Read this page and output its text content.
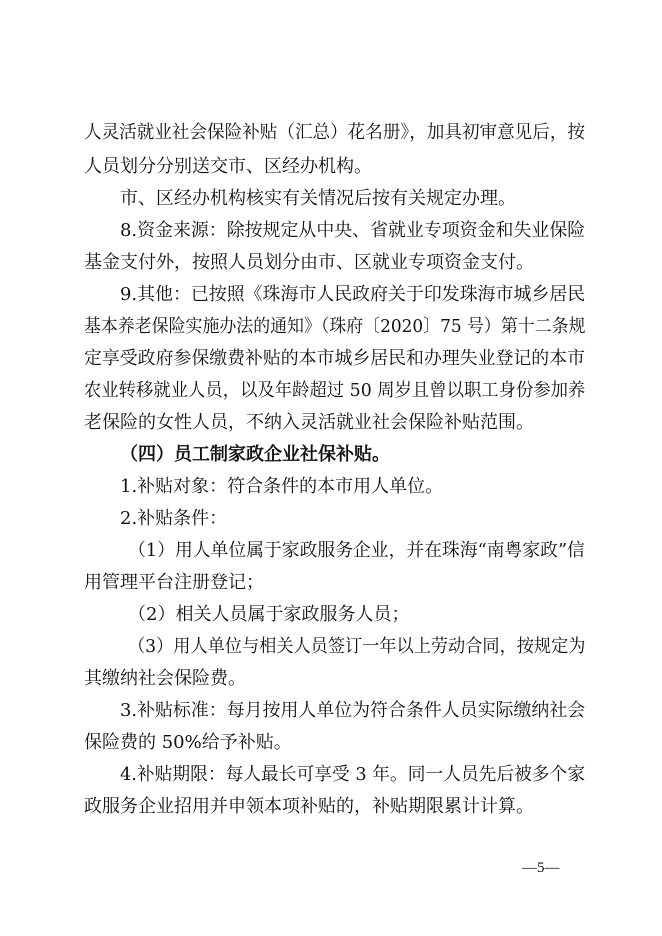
人灵活就业社会保险补贴（汇总）花名册》，加具初审意见后，按
人员划分分别送交市、区经办机构。
市、区经办机构核实有关情况后按有关规定办理。
8.资金来源：除按规定从中央、省就业专项资金和失业保险
基金支付外，按照人员划分由市、区就业专项资金支付。
9.其他：已按照《珠海市人民政府关于印发珠海市城乡居民
基本养老保险实施办法的通知》（珠府〔2020〕75 号）第十二条规
定享受政府参保缴费补贴的本市城乡居民和办理失业登记的本市
农业转移就业人员，以及年龄超过 50 周岁且曾以职工身份参加养
老保险的女性人员，不纳入灵活就业社会保险补贴范围。
（四）员工制家政企业社保补贴。
1.补贴对象：符合条件的本市用人单位。
2.补贴条件：
（1）用人单位属于家政服务企业，并在珠海“南粤家政”信
用管理平台注册登记；
（2）相关人员属于家政服务人员；
（3）用人单位与相关人员签订一年以上劳动合同，按规定为
其缴纳社会保险费。
3.补贴标准：每月按用人单位为符合条件人员实际缴纳社会
保险费的 50%给予补贴。
4.补贴期限：每人最长可享受 3 年。同一人员先后被多个家
政服务企业招用并申领本项补贴的，补贴期限累计计算。
—5—
